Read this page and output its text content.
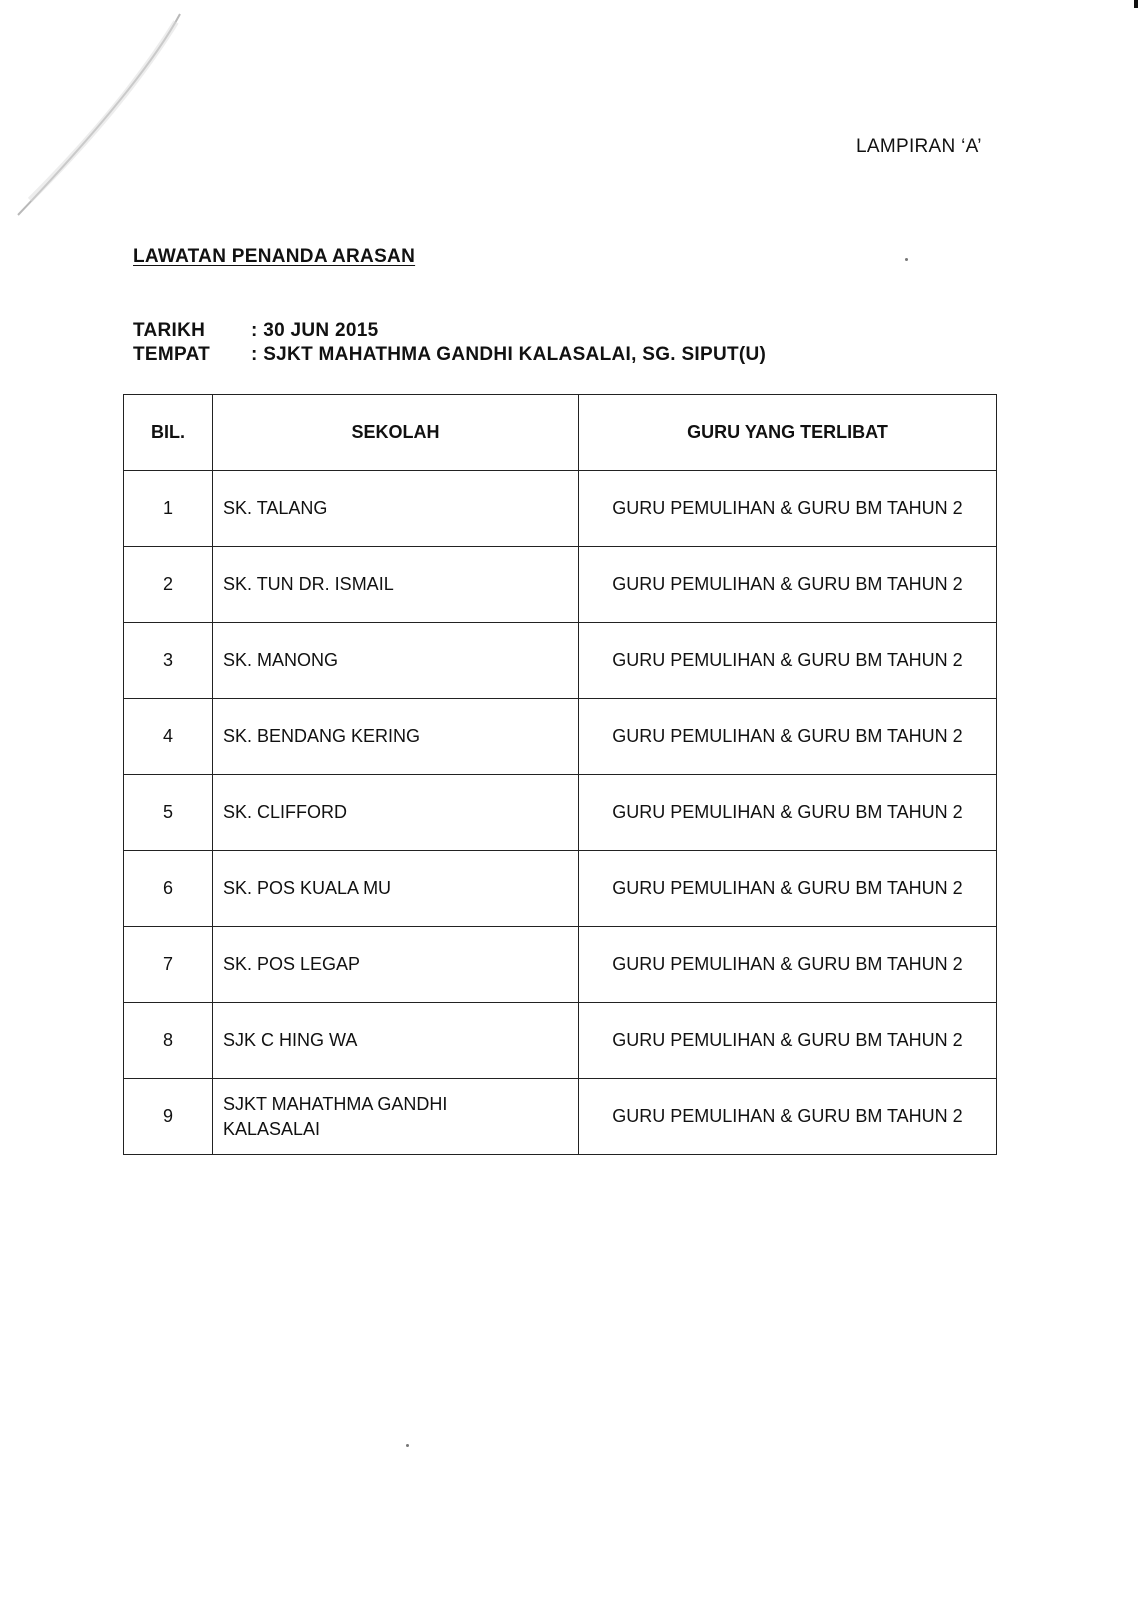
LAMPIRAN ‘A’
LAWATAN PENANDA ARASAN
TARIKH : 30 JUN 2015
TEMPAT : SJKT MAHATHMA GANDHI KALASALAI, SG. SIPUT(U)
BIL.	SEKOLAH	GURU YANG TERLIBAT
1	SK. TALANG	GURU PEMULIHAN & GURU BM TAHUN 2
2	SK. TUN DR. ISMAIL	GURU PEMULIHAN & GURU BM TAHUN 2
3	SK. MANONG	GURU PEMULIHAN & GURU BM TAHUN 2
4	SK. BENDANG KERING	GURU PEMULIHAN & GURU BM TAHUN 2
5	SK. CLIFFORD	GURU PEMULIHAN & GURU BM TAHUN 2
6	SK. POS KUALA MU	GURU PEMULIHAN & GURU BM TAHUN 2
7	SK. POS LEGAP	GURU PEMULIHAN & GURU BM TAHUN 2
8	SJK C HING WA	GURU PEMULIHAN & GURU BM TAHUN 2
9	SJKT MAHATHMA GANDHI
KALASALAI	GURU PEMULIHAN & GURU BM TAHUN 2
